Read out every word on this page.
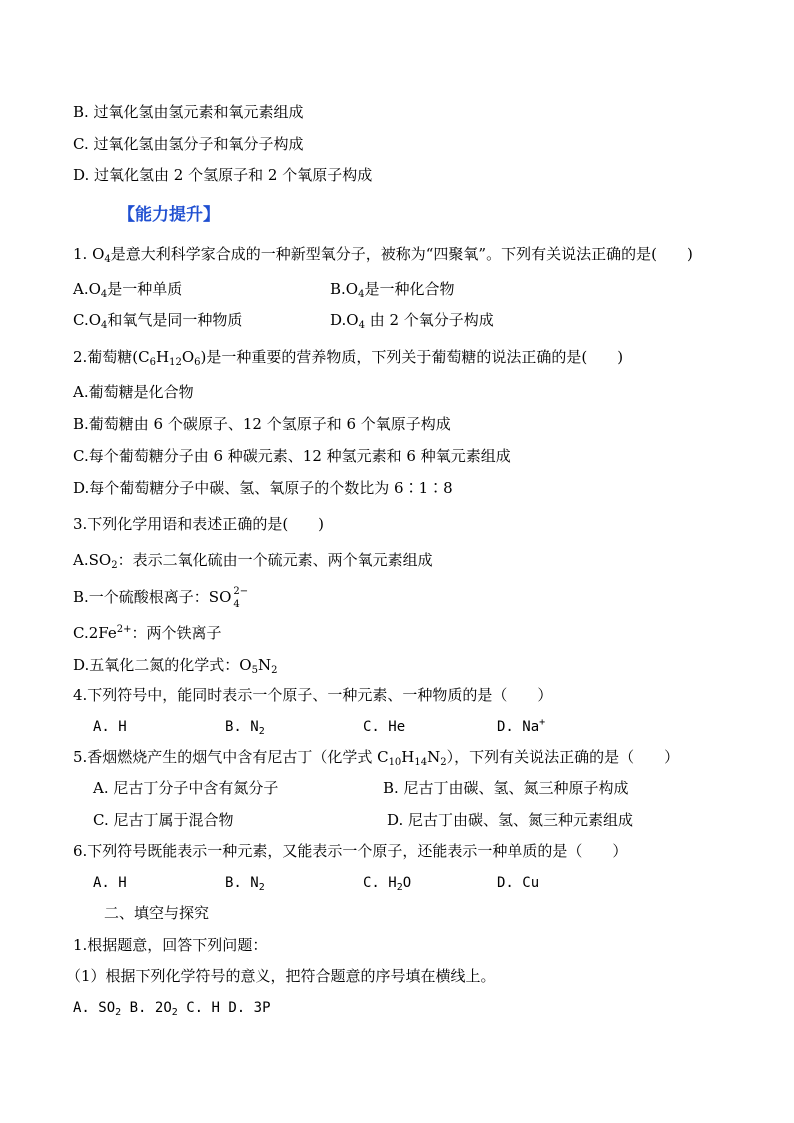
B. 过氧化氢由氢元素和氧元素组成
C. 过氧化氢由氢分子和氧分子构成
D. 过氧化氢由 2 个氢原子和 2 个氧原子构成
【能力提升】
1. $O_4$是意大利科学家合成的一种新型氧分子，被称为“四聚氧”。下列有关说法正确的是(　　)
$A.O_4$是一种单质	$B.O_4$是一种化合物
$C.O_4$和氧气是同一种物质	$D.O_4$ 由 2 个氧分子构成
2.葡萄糖$(C_6H_{12}O_6)$是一种重要的营养物质，下列关于葡萄糖的说法正确的是(　　)
A.葡萄糖是化合物
B.葡萄糖由 6 个碳原子、12 个氢原子和 6 个氧原子构成
C.每个葡萄糖分子由 6 种碳元素、12 种氢元素和 6 种氧元素组成
D.每个葡萄糖分子中碳、氢、氧原子的个数比为 6∶1∶8
3.下列化学用语和表述正确的是(　　)
$A.SO_2$：表示二氧化硫由一个硫元素、两个氧元素组成
B.一个硫酸根离子：SO 2−
4
$C.2Fe^{2+}$：两个铁离子
D.五氧化二氮的化学式：$O_5N_2$
4.下列符号中，能同时表示一个原子、一种元素、一种物质的是（　　）
A. H	B. $N_2$	C. He	D. Na+
5.香烟燃烧产生的烟气中含有尼古丁（化学式 $C_{10}H_{14}N_2$），下列有关说法正确的是（　　）
A. 尼古丁分子中含有氮分子	B. 尼古丁由碳、氢、氮三种原子构成
C. 尼古丁属于混合物	D. 尼古丁由碳、氢、氮三种元素组成
6.下列符号既能表示一种元素，又能表示一个原子，还能表示一种单质的是（　　）
A. H	B. $N_2$	C. $H_2O$	D. Cu
二、填空与探究
1.根据题意，回答下列问题：
（1）根据下列化学符号的意义，把符合题意的序号填在横线上。
A. $SO_2$ B. $2O_2$ C. H D. 3P
